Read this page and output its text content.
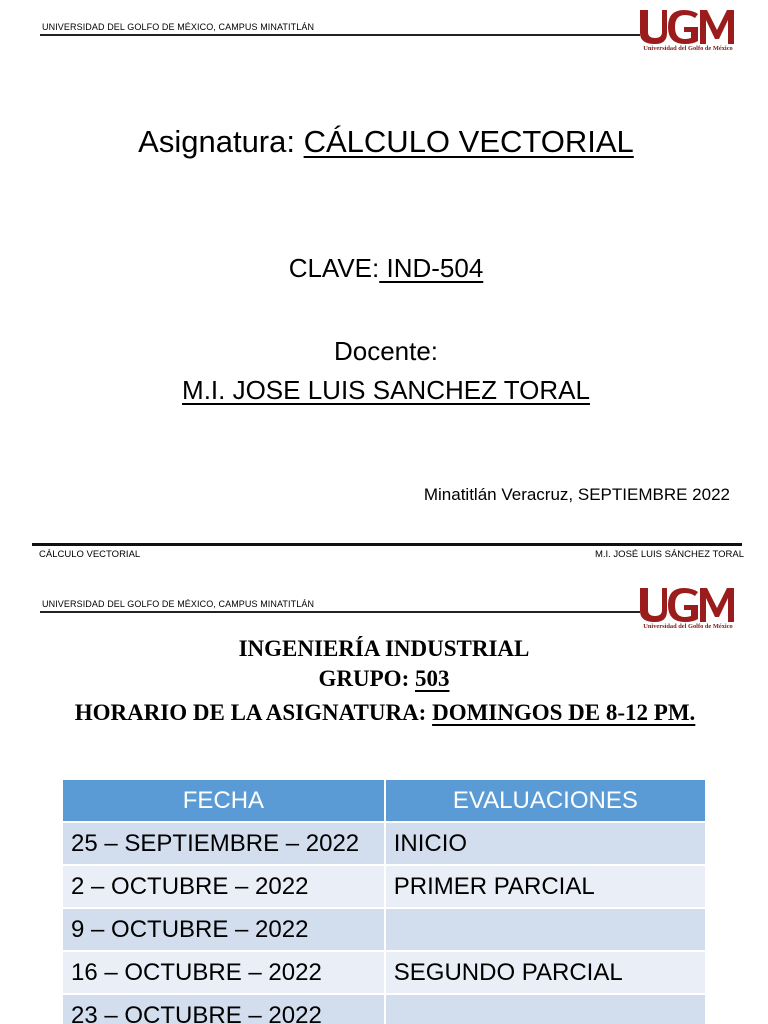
UNIVERSIDAD DEL GOLFO DE MÉXICO, CAMPUS MINATITLÁN
Universidad del Golfo de México
Asignatura: CÁLCULO VECTORIAL
CLAVE: IND-504
Docente:
M.I. JOSE LUIS SANCHEZ TORAL
Minatitlán Veracruz, SEPTIEMBRE 2022
CÁLCULO VECTORIAL	M.I. JOSÉ LUIS SÁNCHEZ TORAL
UNIVERSIDAD DEL GOLFO DE MÉXICO, CAMPUS MINATITLÁN
Universidad del Golfo de México
INGENIERÍA INDUSTRIAL
GRUPO: 503
HORARIO DE LA ASIGNATURA: DOMINGOS DE 8-12 PM.
FECHA	EVALUACIONES
25 – SEPTIEMBRE – 2022	INICIO
2 – OCTUBRE – 2022	PRIMER PARCIAL
9 – OCTUBRE – 2022	
16 – OCTUBRE – 2022	SEGUNDO PARCIAL
23 – OCTUBRE – 2022	
